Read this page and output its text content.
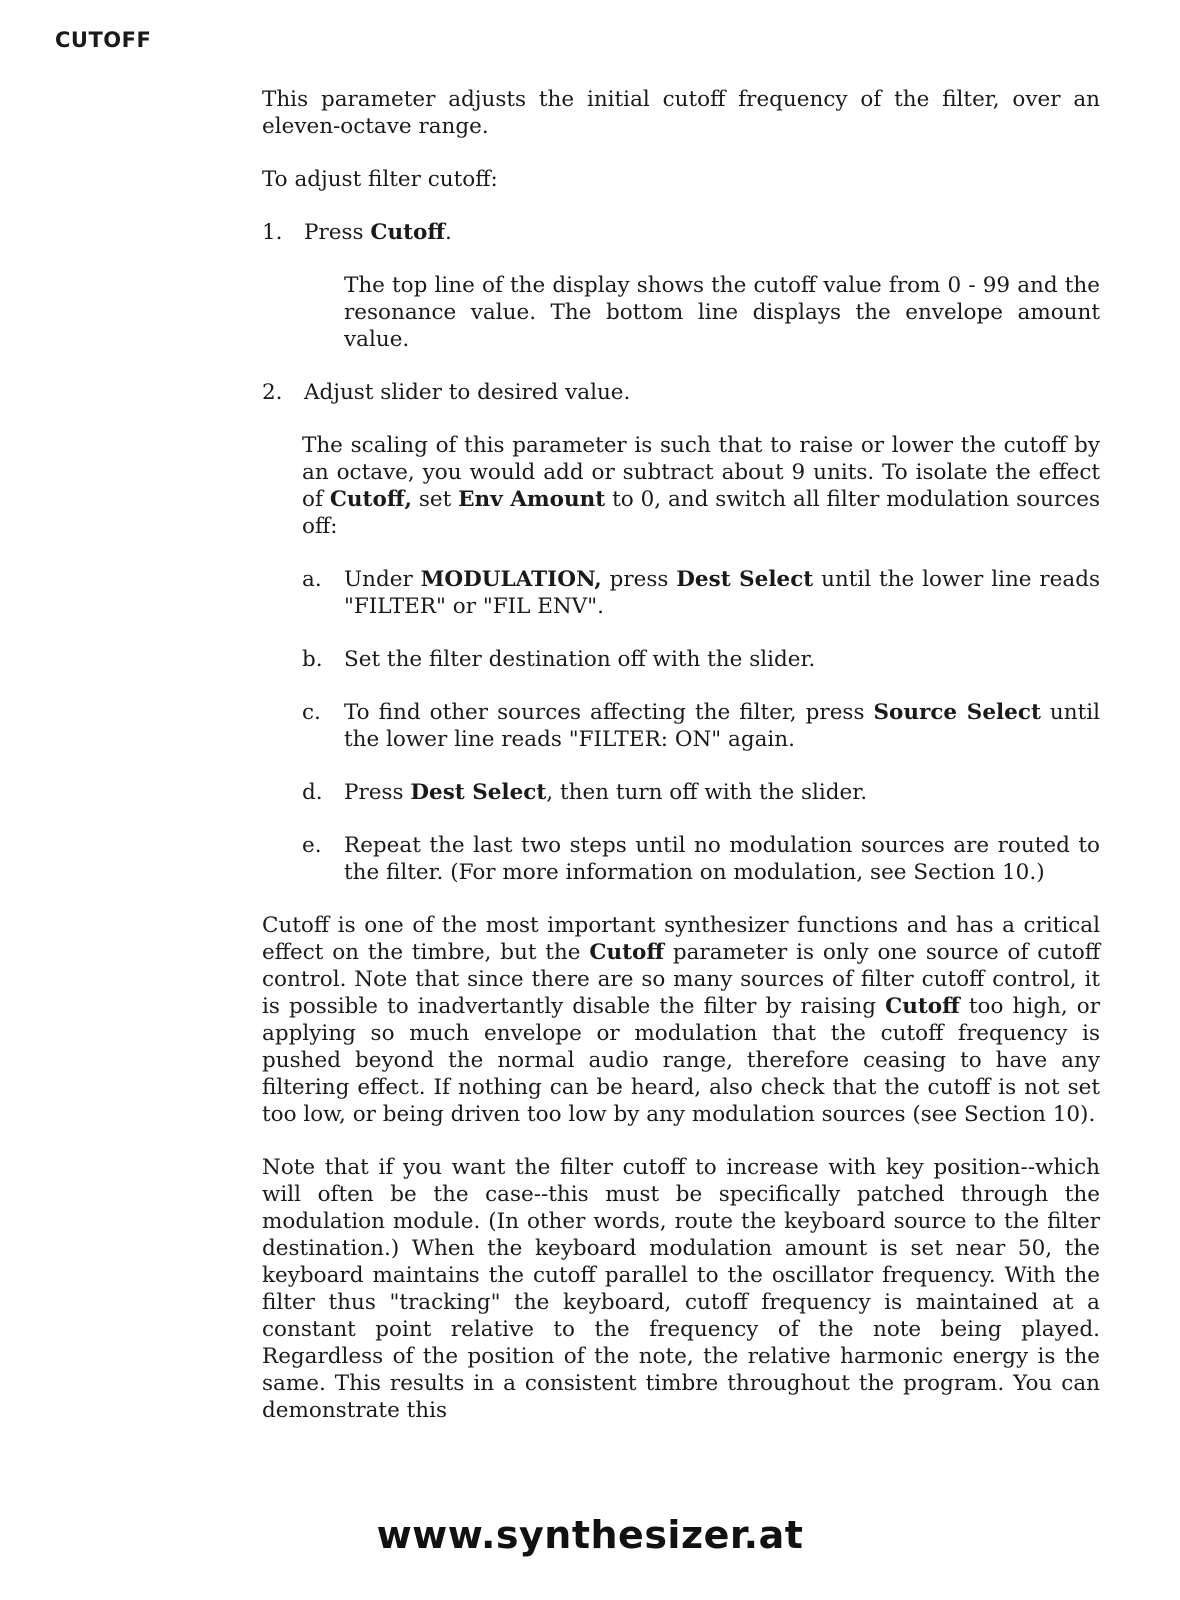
CUTOFF

This parameter adjusts the initial cutoff frequency of the filter, over an eleven-octave range.

To adjust filter cutoff:

1. Press Cutoff.

The top line of the display shows the cutoff value from 0 - 99 and the resonance value. The bottom line displays the envelope amount value.

2. Adjust slider to desired value.

The scaling of this parameter is such that to raise or lower the cutoff by an octave, you would add or subtract about 9 units. To isolate the effect of Cutoff, set Env Amount to 0, and switch all filter modulation sources off:

a.	Under MODULATION, press Dest Select until the lower line reads "FILTER" or "FIL ENV".
b. Set the filter destination off with the slider.
c.	To find other sources affecting the filter, press Source Select until the lower line reads "FILTER: ON" again.
d. Press Dest Select, then turn off with the slider.
e.	Repeat the last two steps until no modulation sources are routed to the filter. (For more information on modulation, see Section 10.)

Cutoff is one of the most important synthesizer functions and has a critical effect on the timbre, but the Cutoff parameter is only one source of cutoff control. Note that since there are so many sources of filter cutoff control, it is possible to inadvertantly disable the filter by raising Cutoff too high, or applying so much envelope or modulation that the cutoff frequency is pushed beyond the normal audio range, therefore ceasing to have any filtering effect. If nothing can be heard, also check that the cutoff is not set too low, or being driven too low by any modulation sources (see Section 10).

Note that if you want the filter cutoff to increase with key position--which will often be the case--this must be specifically patched through the modulation module. (In other words, route the keyboard source to the filter destination.) When the keyboard modulation amount is set near 50, the keyboard maintains the cutoff parallel to the oscillator frequency. With the filter thus "tracking" the keyboard, cutoff frequency is maintained at a constant point relative to the frequency of the note being played. Regardless of the position of the note, the relative harmonic energy is the same. This results in a consistent timbre throughout the program. You can demonstrate this

www.synthesizer.at
